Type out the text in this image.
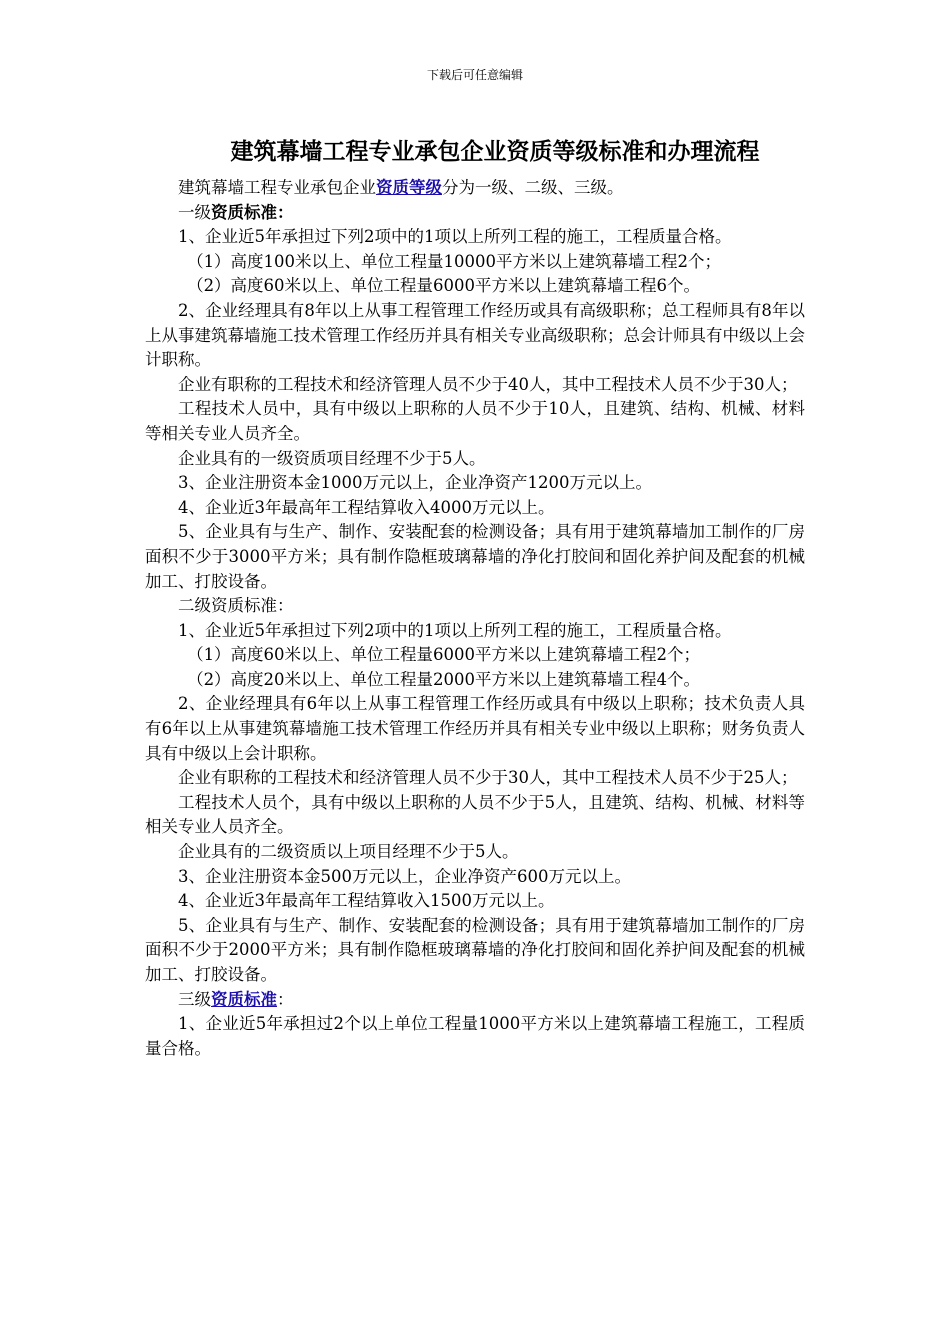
下载后可任意编辑
建筑幕墙工程专业承包企业资质等级标准和办理流程

建筑幕墙工程专业承包企业资质等级分为一级、二级、三级。

一级资质标准：

1、企业近5年承担过下列2项中的1项以上所列工程的施工，工程质量合格。

（1）高度100米以上、单位工程量10000平方米以上建筑幕墙工程2个；

（2）高度60米以上、单位工程量6000平方米以上建筑幕墙工程6个。

2、企业经理具有8年以上从事工程管理工作经历或具有高级职称；总工程师具有8年以上从事建筑幕墙施工技术管理工作经历并具有相关专业高级职称；总会计师具有中级以上会计职称。

企业有职称的工程技术和经济管理人员不少于40人，其中工程技术人员不少于30人；

工程技术人员中，具有中级以上职称的人员不少于10人，且建筑、结构、机械、材料等相关专业人员齐全。

企业具有的一级资质项目经理不少于5人。

3、企业注册资本金1000万元以上，企业净资产1200万元以上。

4、企业近3年最高年工程结算收入4000万元以上。

5、企业具有与生产、制作、安装配套的检测设备；具有用于建筑幕墙加工制作的厂房面积不少于3000平方米；具有制作隐框玻璃幕墙的净化打胶间和固化养护间及配套的机械加工、打胶设备。

二级资质标准：

1、企业近5年承担过下列2项中的1项以上所列工程的施工，工程质量合格。

（1）高度60米以上、单位工程量6000平方米以上建筑幕墙工程2个；

（2）高度20米以上、单位工程量2000平方米以上建筑幕墙工程4个。

2、企业经理具有6年以上从事工程管理工作经历或具有中级以上职称；技术负责人具有6年以上从事建筑幕墙施工技术管理工作经历并具有相关专业中级以上职称；财务负责人具有中级以上会计职称。

企业有职称的工程技术和经济管理人员不少于30人，其中工程技术人员不少于25人；

工程技术人员个，具有中级以上职称的人员不少于5人，且建筑、结构、机械、材料等相关专业人员齐全。

企业具有的二级资质以上项目经理不少于5人。

3、企业注册资本金500万元以上，企业净资产600万元以上。

4、企业近3年最高年工程结算收入1500万元以上。

5、企业具有与生产、制作、安装配套的检测设备；具有用于建筑幕墙加工制作的厂房面积不少于2000平方米；具有制作隐框玻璃幕墙的净化打胶间和固化养护间及配套的机械加工、打胶设备。

三级资质标准：

1、企业近5年承担过2个以上单位工程量1000平方米以上建筑幕墙工程施工，工程质量合格。
